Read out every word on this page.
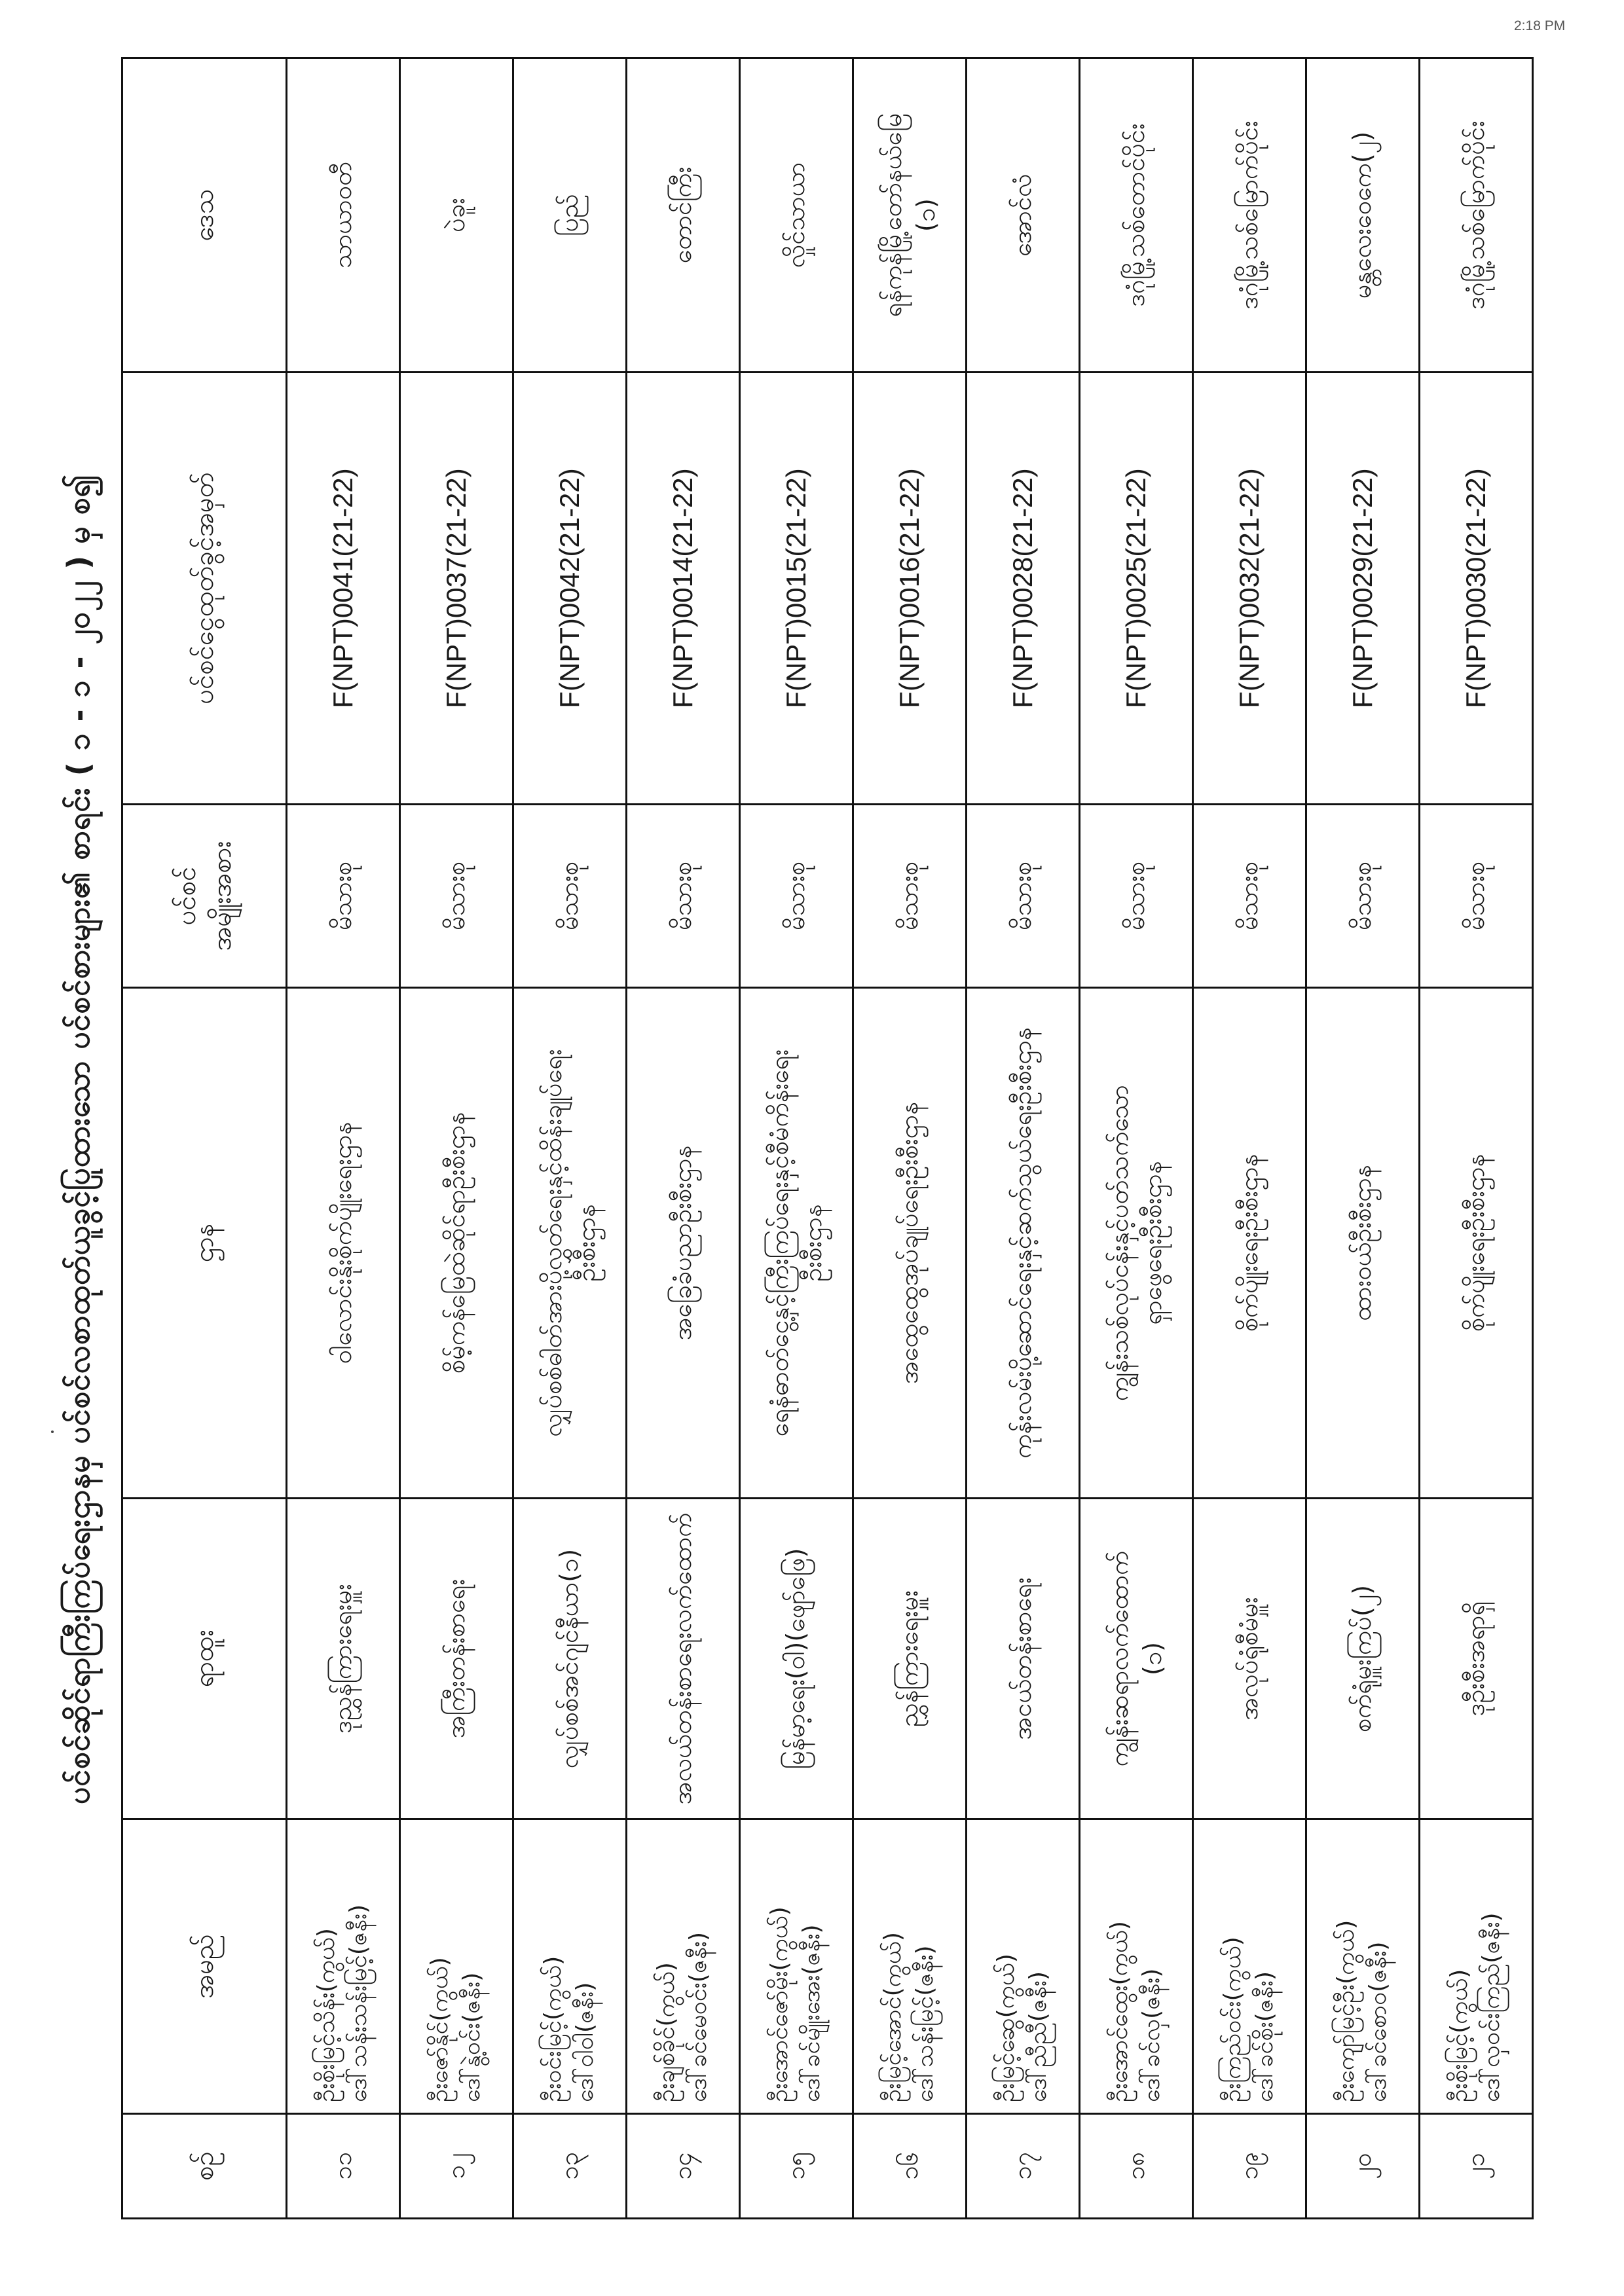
2:18 PM
ပင်စင်ဆိုင်ရာကြီးကြပ်ရေးဌာနမှ ပင်စင်လစာထုတ်ယူခွင့်ပြုထားသော ပင်စင်စားများ၏ စာရင်း ( ၁ - ၁ - ၂၀၂၂ ) မှ စ၍
စဉ်	အမည်	ရာထူး	ဌာန	ပင်စင် အမျိုးအစား	ပင်စင်ငွေထုတ်ခွင့်အမှတ်	ဒေသ
၁၁	ဦးစိုးမြင့်သိန်း(ကွယ်) ဒေါ်သန်းသန်းမြင့်(ဇနီး)	ဒုညွှန်ကြားရေးမှူး	ဝါလောင်းနိုးစိုက်ပျိုးရေးဌာန	မိသားစု	F(NPT)0041(21-22)	သာယာဝတီ
၁၂	ဦးဇော်နိုင်(ကွယ်) ဒေါ်နွဲ့ဝင်း(ဇနီး)	အကြီးတန်းစာရေး	စိမ့်ကန်မြေထဲဆိုင်ရာဦးစီးဌာန	မိသားစု	F(NPT)0037(21-22)	ပဲခူး
၁၃	ဦးဝင်းမြင့်(ကွယ်) ဒေါ်ဝါဝါ(ဇနီး)	လျှပ်စစ်အင်ဂျင်နီယာ(၁)	လျှပ်စစ်ဓါတ်အားပို့လွှတ်ရေးနှင့်ထိန်းချုပ်ရေး ဦးစီးဌာန	မိသားစု	F(NPT)0042(21-22)	ပြည်
၁၄	ဦးချစ်ခိုင်(ကွယ်) ဒေါ်ခင်မေဝင်း(ဇနီး)	အလယ်တန်းစာရေးလက်ထောက်	အခြေခံပညာဦးစီးဌာန	မိသားစု	F(NPT)0014(21-22)	တောင်ကြီး
၁၅	ဦးအောင်ဇော်မိုး(ကွယ်) ဒေါ်ခင်မျိုးအေး(ဇနီး)	မြန်မာ့ရေး(ဝါ)(ဖျော်ဖြေ)	ရေနံဓာတ်ငွေ့နှင့်ကြီးကြပ်ရေးနှင့်စီမံကိန်းရေး ဦးစီးဌာန	မိသားစု	F(NPT)0015(21-22)	လှိုင်သာယာ
၁၆	ဦးမြင့်အောင်(ကွယ်) ဒေါ်သန်းမြင့်(ဇနီး)	ညွှန်ကြားရေးမှူး	အထွေထွေအုပ်ချုပ်ရေးဦးစီးဌာန	မိသားစု	F(NPT)0016(21-22)	ရန်ကုန်မြို့တော်နယ်မြေ (၁)

၁၇	ဦးမြင့်ဆွေ(ကွယ်) ဒေါ်ညီညီ(ဇနီး)	အငယ်တန်းစာရေး	ကုန်းလမ်းပို့ဆောင်ရေးနှင့်ဆက်သွယ်ရေးဦးစီးဌာန	မိသားစု	F(NPT)0028(21-22)	အောင်လံ
၁၈	ဦးအောင်ထွေး(ကွယ်) ဒေါ်ခင်လှ(ဇနီး)	ကျွန်းဆရာလက်ထောက် (၁)	ကျွန်းသစ်လုပ်ငန်းနှင့်ပတ်သက်သော ရှာဖွေရေးဦးစီးဌာန	မိသားစု	F(NPT)0025(21-22)	ဒဂုံမြို့သစ်တောင်ပိုင်း
၁၉	ဦးကြည်ဝင်း(ကွယ်) ဒေါ်ခင်စိုး(ဇနီး)	အလုပ်ရုံစီမံမှူး	စိုက်ပျိုးရေးဦးစီးဌာန	မိသားစု	F(NPT)0032(21-22)	ဒဂုံမြို့သစ်မြောက်ပိုင်း
၂၀	ဦးကျော်မြင့်ဦး(ကွယ်) ဒေါ်ခင်စောဝ(ဇနီး)	စက်ရုံမှူးကြပ်(၂)	ထားဝယ်ဦးစီးဌာန	မိသားစု	F(NPT)0029(21-22)	မန္တလေးဝေကေ(၂)
၂၁	ဦးစိုးမြင့်(ကွယ်) ဒေါ်လှဝင်းကြည်(ဇနီး)	ဒုဦးစီးအရာရှိ	စိုက်ပျိုးရေးဦးစီးဌာန	မိသားစု	F(NPT)0030(21-22)	ဒဂုံမြို့သစ်မြောက်ပိုင်း
